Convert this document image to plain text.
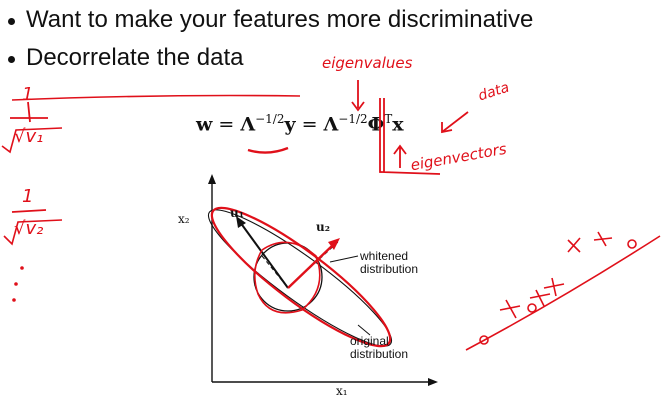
Want to make your features more discriminative
Decorrelate the data
$w = \Lambda^{-1/2}y = \Lambda^{-1/2}\Phi^Tx$
x₂
x₁
u₁
u₂
whitened
distribution
original
distribution
eigenvalues
data
eigenvectors
1
√v₁
1
√v₂
